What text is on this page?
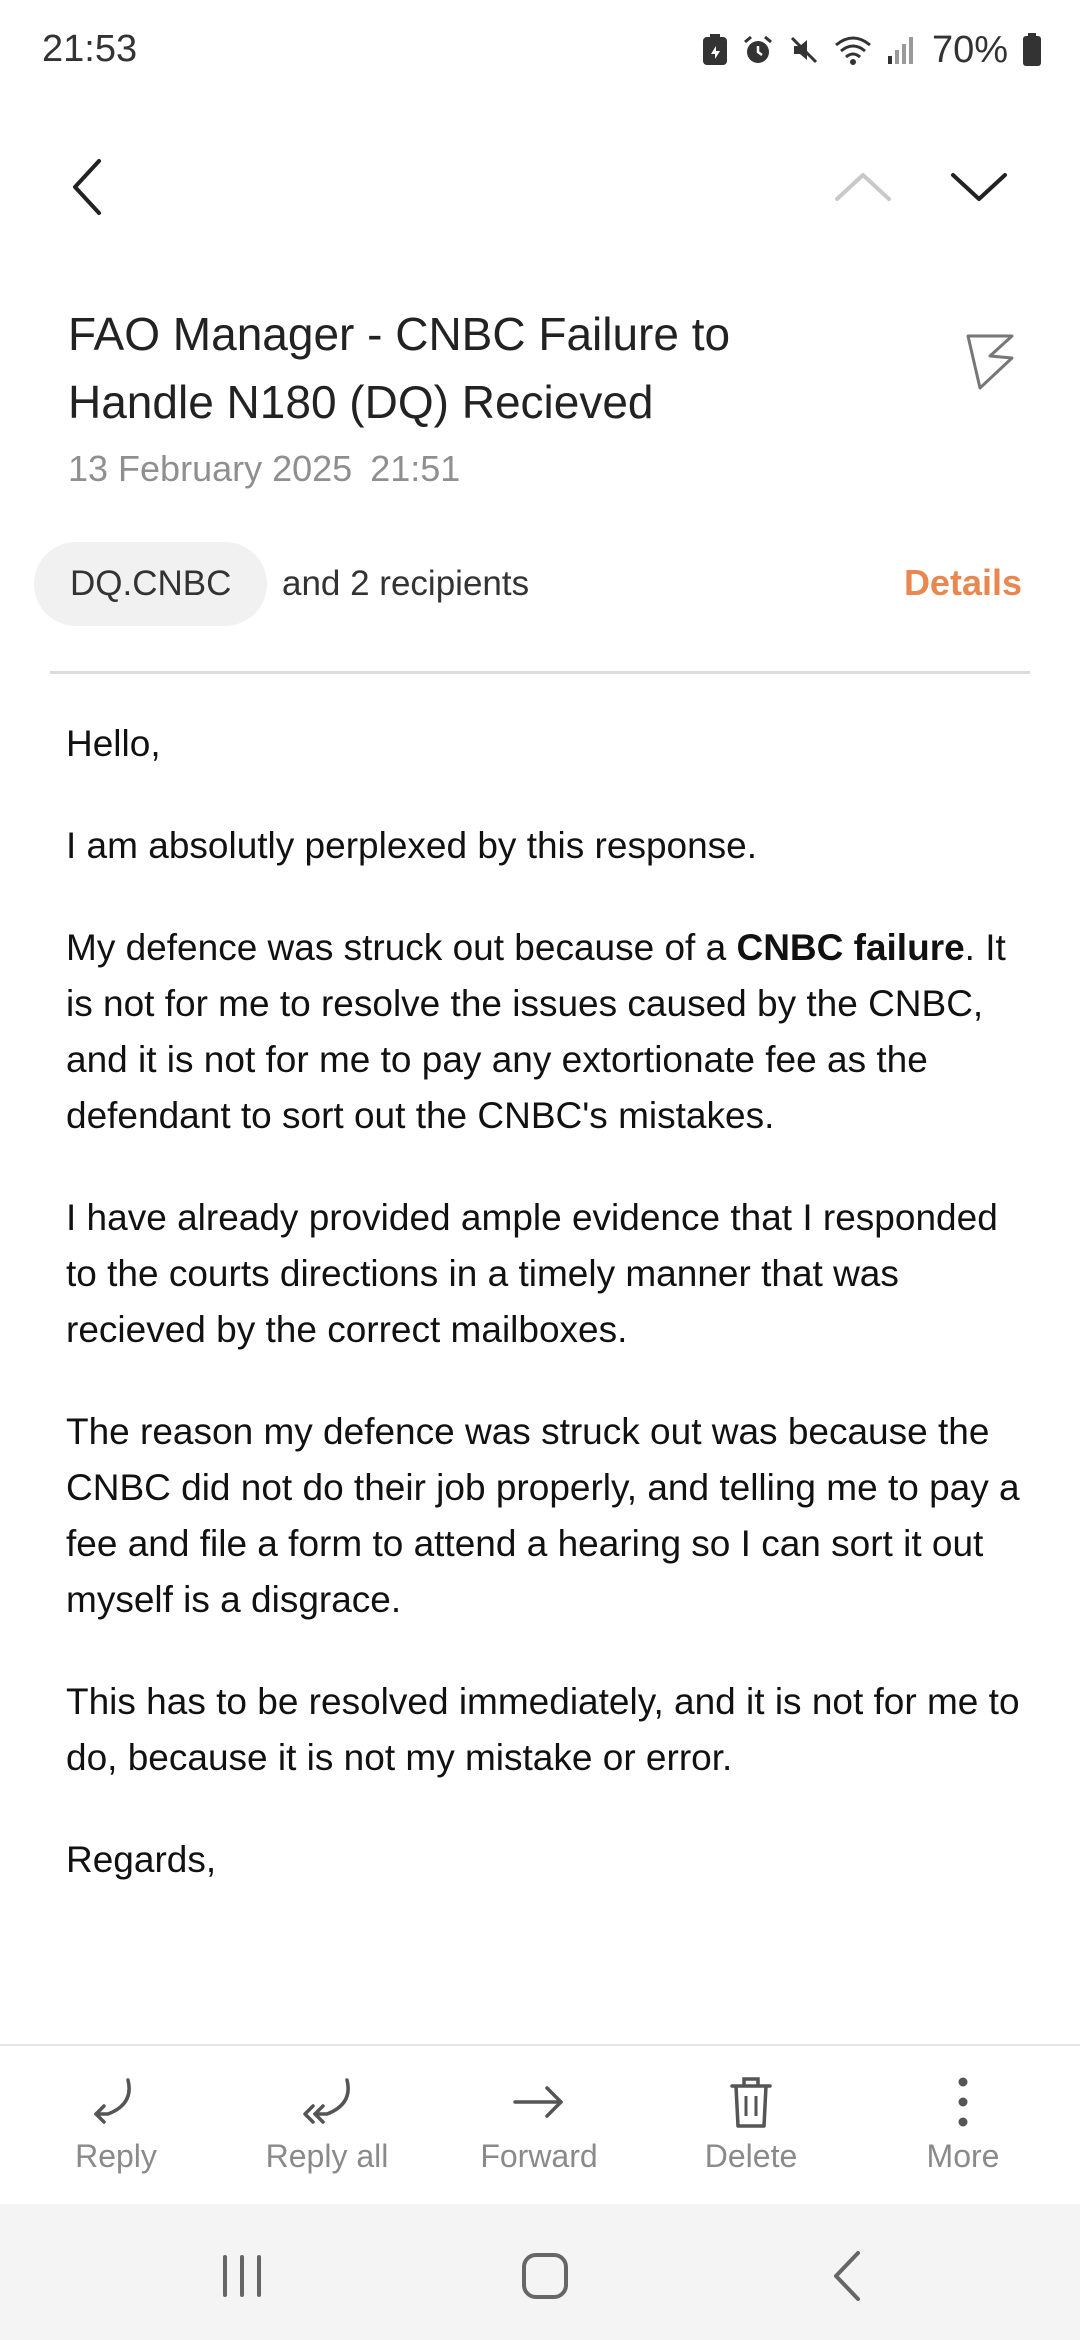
21:53	70%
FAO Manager - CNBC Failure to Handle N180 (DQ) Recieved
13 February 2025 21:51
DQ.CNBC	and 2 recipients	Details

Hello,

I am absolutly perplexed by this response.

My defence was struck out because of a CNBC failure. It is not for me to resolve the issues caused by the CNBC, and it is not for me to pay any extortionate fee as the defendant to sort out the CNBC's mistakes.

I have already provided ample evidence that I responded to the courts directions in a timely manner that was recieved by the correct mailboxes.

The reason my defence was struck out was because the CNBC did not do their job properly, and telling me to pay a fee and file a form to attend a hearing so I can sort it out myself is a disgrace.

This has to be resolved immediately, and it is not for me to do, because it is not my mistake or error.

Regards,

Reply	Reply all	Forward	Delete	More
